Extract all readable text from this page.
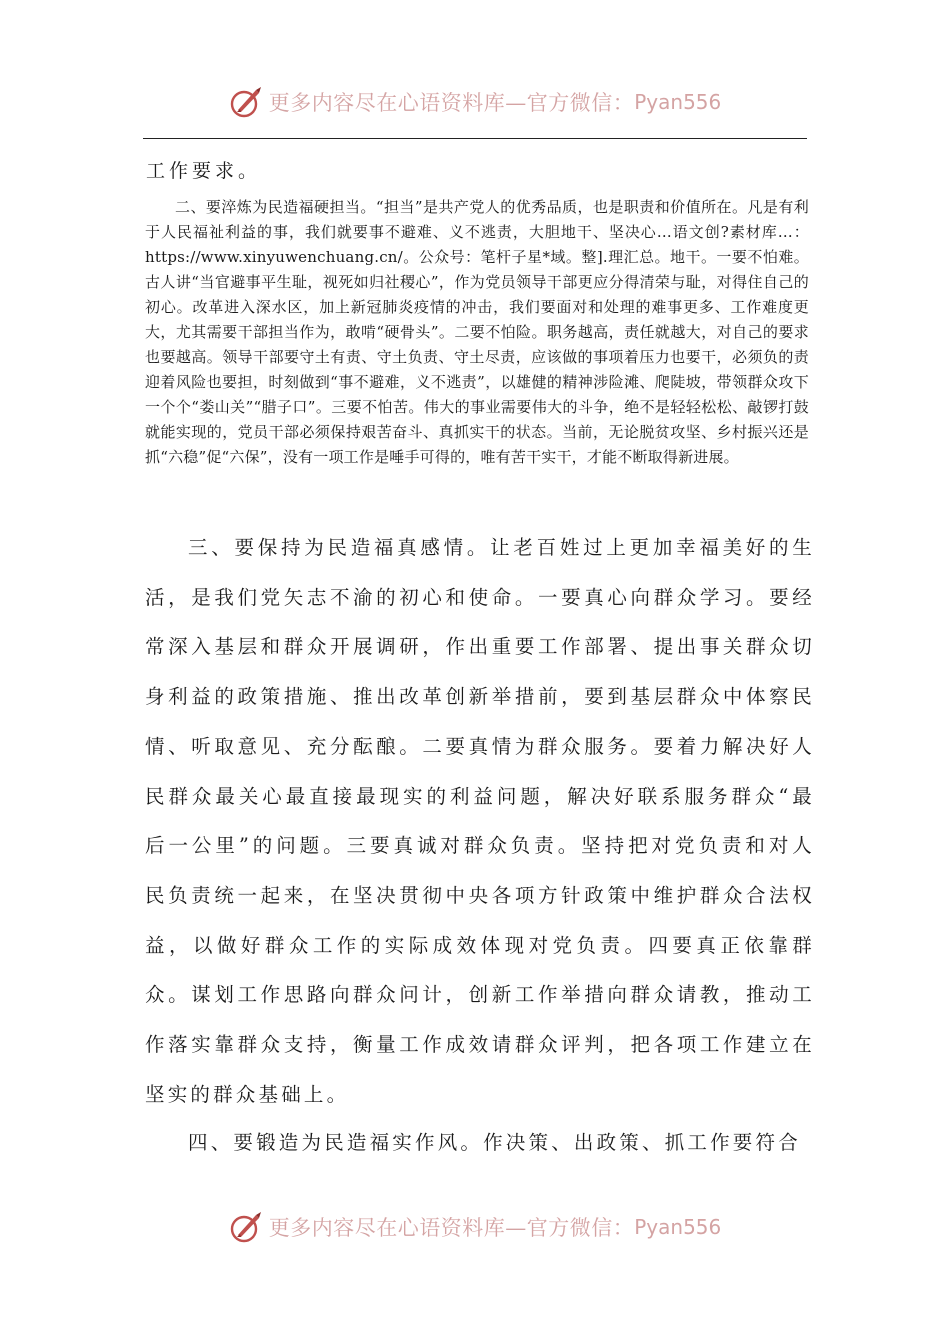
更多内容尽在心语资料库—官方微信： Pyan556
工作要求。

二、要淬炼为民造福硬担当。“担当”是共产党人的优秀品质，也是职责和价值所在。凡是有利于人民福祉利益的事，我们就要事不避难、义不逃责，大胆地干、坚决心…语文创?素材库…：https://www.xinyuwenchuang.cn/。公众号：笔杆子星*域。整].理汇总。地干。一要不怕难。古人讲“当官避事平生耻，视死如归社稷心”，作为党员领导干部更应分得清荣与耻，对得住自己的初心。改革进入深水区，加上新冠肺炎疫情的冲击，我们要面对和处理的难事更多、工作难度更大，尤其需要干部担当作为，敢啃“硬骨头”。二要不怕险。职务越高，责任就越大，对自己的要求也要越高。领导干部要守土有责、守土负责、守土尽责，应该做的事项着压力也要干，必须负的责迎着风险也要担，时刻做到“事不避难，义不逃责”，以雄健的精神涉险滩、爬陡坡，带领群众攻下一个个“娄山关”“腊子口”。三要不怕苦。伟大的事业需要伟大的斗争，绝不是轻轻松松、敲锣打鼓就能实现的，党员干部必须保持艰苦奋斗、真抓实干的状态。当前，无论脱贫攻坚、乡村振兴还是抓“六稳”促“六保”，没有一项工作是唾手可得的，唯有苦干实干，才能不断取得新进展。

三、要保持为民造福真感情。让老百姓过上更加幸福美好的生活，是我们党矢志不渝的初心和使命。一要真心向群众学习。要经常深入基层和群众开展调研，作出重要工作部署、提出事关群众切身利益的政策措施、推出改革创新举措前，要到基层群众中体察民情、听取意见、充分酝酿。二要真情为群众服务。要着力解决好人民群众最关心最直接最现实的利益问题，解决好联系服务群众“最后一公里”的问题。三要真诚对群众负责。坚持把对党负责和对人民负责统一起来，在坚决贯彻中央各项方针政策中维护群众合法权益，以做好群众工作的实际成效体现对党负责。四要真正依靠群众。谋划工作思路向群众问计，创新工作举措向群众请教，推动工作落实靠群众支持，衡量工作成效请群众评判，把各项工作建立在坚实的群众基础上。

四、要锻造为民造福实作风。作决策、出政策、抓工作要符合

更多内容尽在心语资料库—官方微信： Pyan556
